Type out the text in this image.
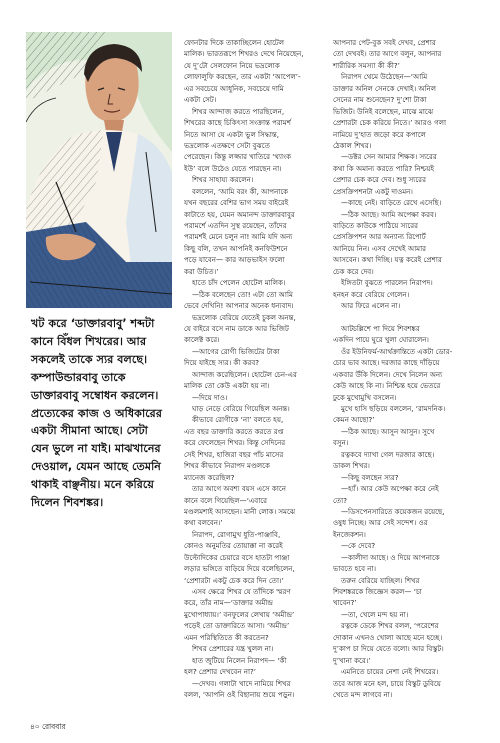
খট করে ‘ডাক্তারবাবু’ শব্দটা

কানে বিঁধল শিখরের। আর

সকলেই তাকে স্যর বলছে।

কম্পাউন্ডারবাবু তাকে

ডাক্তারবাবু সম্বোধন করলেন।

প্রত্যেকের কাজ ও অধিকারের

একটা সীমানা আছে। সেটা

যেন ভুলে না যাই। মাঝখানের

দেওয়াল, যেমন আছে তেমনি

থাকাই বাঞ্ছনীয়। মনে করিয়ে

দিলেন শিবশঙ্কর।

ফোনটার দিকে তাকাচ্ছিলেন হোটেল

মালিক। ভারতরূপে শিখরও দেখে নিয়েছেন,

যে দু’টো সেলফোন নিয়ে ভদ্রলোক

লোফালুফি করছেন, তার একটা ‘আপেল’-

এর সবচেয়ে আধুনিক, সবচেয়ে দামি

একটা সেট।

শিখর আন্দাজ করতে পারছিলেন,

শিখরের কাছে চিকিৎসা সংক্রান্ত পরামর্শ

নিতে আসা যে একটা ভুল সিদ্ধান্ত,

ভদ্রলোক এতক্ষণে সেটা বুঝতে

পেরেছেন। কিন্তু লজ্জার খাতিরে ‘থ্যাংক

ইউ’ বলে উঠেও যেতে পারছেন না।

শিখর সাহায্য করলেন।

বললেন, ‘আমি বরং কী, আপনাকে

যখন বছরের বেশির ভাগ সময় বাইরেই

কাটাতে হয়, যেমন অমানন্দ ডাক্তারবাবুর

পরামর্শে এতদিন সুস্থ রয়েছেন, তাঁদের

পরামর্শই মেনে চলুন না! আমি যদি অন্য

কিছু বলি, তখন আপনিই কনফিউশনে

পড়ে যাবেন— কার আড়ভাইস ফলো

করা উচিত।’

হাতে চাঁদ পেলেন হোটেল মালিক।

—ঠিক বলেছেন তো! এটা তো আমি

ভেবে দেখিনি! আপনার অনেক ধন্যবাদ।

ভদ্রলোক বেরিয়ে যেতেই চুকল অনন্ত,

যে বাইরে বসে নাম ডাকে আর ভিজিট

কালেক্ট করে।

—আগের রোগী ভিজিটের টাকা

দিয়ে যাইছে স্যর। কী করব?

আন্দাজ করেছিলেন। হোটেল চেন-এর

মালিক তো কেউ একটা হয় না।

—দিয়ে দাও।

ঘাড় নেড়ে বেরিয়ে গিয়েছিল অনন্ত।

কীভাবে রোগীকে ‘না’ বলতে হয়,

এত বছর ডাক্তারি করতে করতে রপ্ত

করে ফেলেছেন শিখর। কিন্তু সেদিনের

সেই শিখর, হাজিরা বছর পাঁচ মাসের

শিখর কীভাবে নিরাপদ মণ্ডলকে

ম্যানেজ করেছিল?

তার আগে অবশ্য বয়স এসে কানে

কানে বলে গিয়েছিল—‘এবারে

মণ্ডলমশাই আসছেন। মানী লোক। সমঝে

কথা বলবেন।’

নিরাপদ, রোগামুখ ধুতি-পাঞ্জাবি,

কোনও অনুমতির তোয়াক্কা না করেই

উল্টোদিকের চেয়ারে বসে হাতটা পাঞ্জা

লড়ার ভঙ্গিতে বাড়িয়ে দিয়ে বলেছিলেন,

‘প্রেশারটা একটু চেক করে দিন তো।’

এসব ক্ষেত্রে শিখর যে তাঁদিকে স্মরণ

করে, তাঁর নাম—‘ডাক্তার অমীন্দ্র

মুখোপাধ্যায়।’ বনফুলের লেখায় ‘অমীন্দ্র’

পড়েই তো ডাক্তারিতে আসা। ‘অমীন্দ্র’

এমন পরিস্থিতিতে কী করতেন?

শিখর প্রেশারের যন্ত্র খুলল না।

হাত জুটিয়ে নিলেন নিরাপদ— ‘কী

হল? প্রেশার দেখবেন না?’

—দেখব। গলাটা খাদে নামিয়ে শিখর

বলল, ‘আপনি ওই বিছানায় শুয়ে পড়ুন।

আপনার পেট-বুক সবই দেখব, প্রেশার

তো দেখবই। তার আগে বলুন, আপনার

শারীরিক সমস্যা কী কী?’

নিরাপদ থেমে উঠেছেন—‘আমি

ডাক্তার অনিল সেনকে দেখাই। অনিল

সেনের নাম শুনেছেন? দু’শো টাকা

ভিজিট। উনিই বলেছেন, মাঝে মাঝে

প্রেশারটা চেক করিয়ে নিতে।’ আরও গলা

নামিয়ে দু’হাত জড়ো করে কপালে

ঠেকাল শিখর।

—ডক্টর সেন আমার শিক্ষক। স্যরের

কথা কি অমান্য করতে পারি? নিশ্চয়ই

প্রেশার চেক করে দেব। শুধু স্যরের

প্রেসক্রিপশনটা একটু দাওমন।

—কাছে নেই। বাড়িতে রেখে এসেছি।

—ঠিক আছে। আমি অপেক্ষা করব।

বাড়িতে কাউকে পাঠিয়ে স্যরের

প্রেসক্রিপশন আর অন্যান্য রিপোর্ট

আনিয়ে নিন। এসব দেখেই আমার

আসবেন। কথা দিচ্ছি। যত্ন করেই প্রেশার

চেক করে দেব।

ইঙ্গিতটা বুঝতে পারলেন নিরাপদ।

হনহন করে বেরিয়ে গেলেন।

আর ফিরে এলেন না।

আটচল্লিশে পা দিয়ে শিবশঙ্কর

একদিন পায়ে ঘুরে খুলা ঘোরালেন।

ওঁর ইউনিফর্ম-আর্থক্রান্তিতে একটা ডোর-

চোর ভাব আছে। দরজার কাছে দাঁড়িয়ে

একবার উঁকি দিলেন। দেখে নিলেন অন্য

কেউ আছে কি না। নিশ্চিন্ত হয়ে ভেতরে

ঢুকে মুখোমুখি বসলেন।

মুখে হাসি ছড়িয়ে বললেন, ‘রামদনিক।

কেমন আছো?’

—ঠিক আছে। আসুন আসুন। সুখে

বসুন।

রত্নকবে দ্যাখা গেল দরজার কাছে।

ডাকল শিখর।

—কিছু বলছেন স্যর?

—হ্যাঁ। আর কেউ অপেক্ষা করে নেই

তো?

—ডিসপেনসারিতে কয়েকজন রয়েছে,

ওষুধ নিচ্ছে। আর সেই সন্দেশ। ওর

ইনজেকশন।

—কে দেবে?

—কালীদা আছে। ও দিয়ে আপনাকে

ভাবতে হবে না।

তরুন বেরিয়ে যাচ্ছিল। শিখর

শিবশঙ্করকে জিজ্ঞেস করল— ‘চা

খাবেন?’

—তা, খেলে মন্দ হয় না।

রত্নকে ডেকে শিখর বলল, ‘পরেশের

দোকান এখনও খোলা আছে মনে হচ্ছে।

দু’কাপ চা দিয়ে যেতে বলো। আর বিস্কুট।

দু’খানা করে।’

এমনিতে চায়ের নেশা নেই শিখরের।

তবে আজ মনে হল, চায়ে বিস্কুট ডুবিয়ে

খেতে মন্দ লাগবে না।

৪০ রোববার
